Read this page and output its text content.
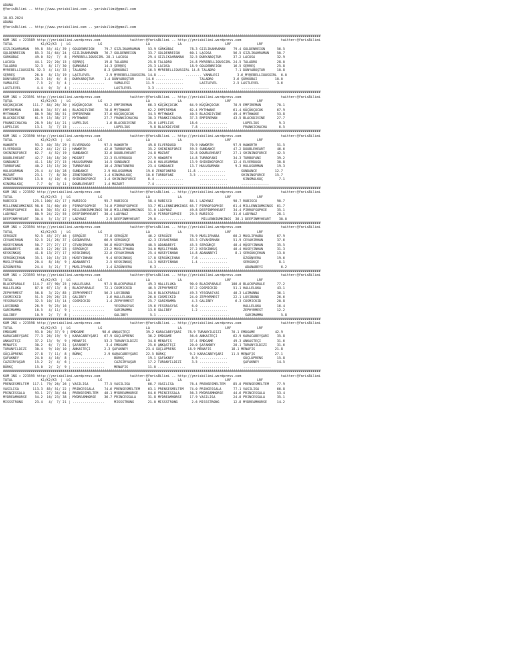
ADANA
@YarisBilimi -- http://www.yarisbilimi.com -- yarisbilimi@gmail.com
10.03.2024
ADANA
@YarisBilimi -- http://www.yarisbilimi.com -- yarisbilimi@gmail.com
################################################################################################################################################################
KUM 1NG = 223589 http://yarisbilimi.wordpress.com               twitter:@YarisBilimi -- http://yarisbilimi.wordpress.com                    twitter:@YarisBilimi
TOTAL              K1/K2/K3  |  LG              LG                      LA              LA                      LRF             LRF
GIZLIKAHRAMAN   99.8  55/ 41/ 39 | GOLDENREIGN     79.7 GIZLIKAHRAMAN    53.9 SÜRKÜBAI        78.3 GIZLIKAHRAMAN    79.4 GOLDENREIGN      56.5
GOLDENREIGN     85.3  31/ 64/ 24 | GIZLIKAHRAMAN   76.7 GOLDENREIGN      33.7 GOLDENREIGN     60.1 LACOSA           56.5 GIZLIKAHRAMAN    50.7
SÜRKÜBAI        49.0  52/  7/  8 | MYREBELLIOUSGIRL 28.1 LACOSA          29.4 GIZLIKAHRAMAN   32.5 DÜNYABOŞTUR      37.2 LACOSA           32.9
LACOSA          44.1  22/ 20/ 15 | SERREŞ          19.8 TALADRO          25.8 TALADRO         24.8 MYREBELLIOUSGIRL 24.5 TALADRO          28.0
TALADRO         32.3   8/ 17/ 30 | ŞÜRKÜBAI        14.3 SERREŞ           25.3 LACOSA          18.9 GOLDENREIGN      16.5 SERREŞ           25.8
MYREBELLIOUSGIRL 32.3  4/ 14/ 33 | TALADRO         8.3 ŞÜRKÜBAI          16.5 MYREBELLIOUSGIRL 14.8 TALADRO          7.1 DÜNYABOŞTUR      10.8
SERREŞ          26.0   8/ 13/ 19 | LASTLEVEL        2.9 MYREBELLIOUSGIRL 14.8 ....          ........ VAMALESI         3.6 MYREBELLIOUSGIRL  6.0
DÜNYABOŞTUR     20.3  16/  6/  8 | DÜNYABOŞTUR     1.4 DÜNYABOŞTUR      14.6 ..............        TALADRO          3.6 ŞÜRKÜBAI         10.0
VAMALESI         7.5   2/  5/  4 | ................     VAMALESI        11.9 ..............        LASTLEVEL        2.5 LASTLEVEL         3.6
LASTLEVEL        4.4   0/  3/  4 | ................     LASTLEVEL        3.3 ..............        ..............       ..............
################################################################################################################################################################
KUM 1NG = 223591 http://yarisbilimi.wordpress.com               twitter:@YarisBilimi -- http://yarisbilimi.wordpress.com                    twitter:@YarisBilimi
TOTAL              K1/K2/K3  |  LG              LG                      LA              LA                      LRF             LRF
KÜÇÜKÇOCUK     111.7  84/ 26/ 30 | KÜÇÜKÇOCUK      92.2 EMPIREMAN        66.3 KÜÇÜKÇOCUK      64.9 KÜÇÜKÇOCUK       70.9 EMPIREMAN        70.1
EMPIREMAN      100.6  34/ 57/ 46 | BLACKDIVINE     70.8 MYTHWAKE         62.2 EMPIREMAN       62.4 MYTHWAKE         61.4 KÜÇÜKÇOCUK       67.9
MYTHWAKE        86.9  36/ 38/ 51 | EMPIREMAN       37.6 KÜÇÜKÇOCUK       34.5 MYTHWAKE        40.5 BLACKDIVINE      49.4 MYTHWAKE         53.8
BLACKDIVINE     61.9  15/ 38/ 27 | MYTHWAKE        27.7 FRANKICHACHA     30.3 FRANKICHACHA    37.3 EMPIREMAN        43.5 BLACKDIVINE      27.7
FRANKICHACHA    28.9  16/ 14/ 21 | LUPELIUS         1.6 BLACKDIVINE      25.6 LUPELIUS        18.6 ..............        LUPELIUS          9.3
LUPELIUS        13.1   3/  7/ 15 | ................     LUPELIUS          9.8 BLACKDIVINE      7.8 ..............        FRANKICHACHA      6.5
################################################################################################################################################################
KUM 1NG = 223590 http://yarisbilimi.wordpress.com               twitter:@YarisBilimi -- http://yarisbilimi.wordpress.com                    twitter:@YarisBilimi
TOTAL              K1/K2/K3  |  LG              LG                      LA              LA                      LRF             LRF
HAWORTH         93.3  40/ 35/ 29 | ELVERDUGO       97.5 HAWORTH          49.8 ELVERDUGO       70.9 HAWORTH          97.9 HAWORTH          51.5
ELVERDUGO       82.2  44/ 12/ 12 | HAWORTH         42.0 TURBOFANI        35.2 SHININGFORCE    59.5 SUNDANCE         47.2 DOUBLEHEART      46.6
SHININGFORCE    62.7   4/ 52/ 19 | SUNDANCE        32.6 DOUBLEHEART      24.8 MOZART          32.8 DOUBLEHEART      27.1 SHININGFORCE     42.5
DOUBLEHEART     42.7  16/ 18/ 20 | MOZART          22.3 ELVERDUGO        27.9 HAWORTH         14.8 TURBOFANI        34.3 TURBOFANI        39.2
SUNDANCE        41.1  18/ 27/ 15 | HULUSURMAN      14.5 SUNDANCE         24.6 HULUSURMAN      13.9 SHININGFORCE     12.4 ELVERDUGO        30.8
TURBOFANI       40.2  15/ 15/ 20 | TURBOFANI       10.4 ZENOTONERO       23.4 SUNDANCE        13.7 HULUSURMAN        9.3 HULUSURMAN       19.3
HULUSURMAN      25.4   4/ 10/ 28 | SUNDANCE        2.9 HULUSURMAN       19.6 ZENOTONERO      11.8 ..............        SUNDANCE         12.7
MOZART          23.1   7/  8/ 30 | ZENOTONERO      1.4 KINGMALKOÇ       10.6 TURBOFANI        3.5 ..............        SHININGFORCE     15.7
ZENOTONERO      13.0   4/ 10/  6 | SHININGFORCE    1.4 SHININGFORCE      6.4 ..............        ..............        KINGMALKOÇ        7.1
KINGMALKOÇ       7.7   0/  3/ 11 | DOUBLEHEART     1.4 MOZART            7.4 ..............        ..............       ..............
################################################################################################################################################################
KUM 1NG = 223592 http://yarisbilimi.wordpress.com               twitter:@YarisBilimi -- http://yarisbilimi.wordpress.com                    twitter:@YarisBilimi
TOTAL              K1/K2/K3  |  LG              LG                      LA              LA                      LRF             LRF
RUBISCO        125.1 100/ 42/ 17 | RUBISCO         95.7 RUBISCO          58.4 RUBISCO         84.1 LADYNAZ          90.7 RUBISCO          90.7
MILLENNIUMKINGS 98.6  31/ 60/ 49 | PIRROFSOPHIE    74.0 PIRROFSOPHIE     53.7 MILLENNIUMKINGS 65.7 PIRROFSOPHIE     61.4 MILLENNIUMKINGS  61.7
PIRROFSOPHIE    84.6  30/ 53/ 42 | MILLENNIUMKINGS 50.8 MILLENNIUMKINGS  51.0 LADYNAZ         49.8 DEEPINMYHEART    34.4 PIRROFSOPHIE     35.1
LADYNAZ         80.9  24/ 22/ 55 | DEEPINMYHEART   30.4 LADYNAZ          37.0 PIRROFSOPHIE    29.5 RUBISCO          31.6 LADYNAZ          28.1
DEEPINMYHEART   30.4   5/ 13/ 27 | LADYNAZ          2.9 DEEPINMYHEART    29.0 ..............        MILLENNIUMKINGS  30.1 DEEPINMYHEART    30.0
################################################################################################################################################################
KUM 1NG = 223594 http://yarisbilimi.wordpress.com               twitter:@YarisBilimi -- http://yarisbilimi.wordpress.com                    twitter:@YarisBilimi
TOTAL              K1/K2/K3  |  LG              LG                      LA              LA                      LRF             LRF
SERGÜZE         92.5  45/ 27/ 46 | SERGÜZE         77.8 SERGÜZE          46.2 SERGÜZE         76.9 MUSLIFHABA       60.2 MUSLIFHABA       67.9
CEVAHIRHAN      52.5  21/ 26/ 37 | ÖZGÜNVERA       66.9 SERGÜKÇE         42.3 CEVAHIRHAN      53.3 CEVAHIRHAN       51.9 CEVAHIRHAN       37.6
HÜSEYINHAN      50.7  27/ 27/ 17 | CEVAHIRHAN      56.8 HÜSEYINHAN       40.5 ADANABEYI       45.5 SERGÜKÇE         40.4 HÜSEYINHAN       35.5
ADANABEYI       46.3  12/ 26/ 23 | SERGÜKÇE        23.2 MUSLIFHABA       34.0 MUSLIFHABA      27.2 KESKINKUŞ        40.4 HÜSEYINHAN       31.3
KESKINKUŞ       41.8  13/ 27/ 17 | KESKINKUŞ       22.0 CEVAHIRHAN       25.4 HÜSEYINHAN      14.8 ADANABEYI         8.1 SERGÜKÇEHAN      13.0
SERGÜKÇEHAN     35.1  10/ 15/ 23 | HÜSEYINHAN       9.4 KESKINKUŞ        17.0 SERGÜKÇEHAN      7.6 ..............        ÖZGÜNVERA        19.6
MUSLIFHABA      20.4   8/ 16/  9 | ADANABEYI        2.5 KESKINKUŞ        14.3 HÜSEYINHAN       1.4 ..............        SERGÜKÇE          8.1
ÖZGÜNVERA       24.4   5/ 21/  7 | MUSLIFHABA       1.4 ÖZGÜNVERA         6.3 ..............        ..............        ADANABEYI         6.2
################################################################################################################################################################
KUM 1NG = 223593 http://yarisbilimi.wordpress.com               twitter:@YarisBilimi -- http://yarisbilimi.wordpress.com                    twitter:@YarisBilimi
TOTAL              K1/K2/K3  |  LG              LG                      LA              LA                      LRF             LRF
BLACKPARALE    114.7  47/ 90/ 25 | HALLELUKA       97.5 BLACKPARALE      49.3 HALLELUKA       90.0 BLACKPARALE     100.0 BLACKPARALE      77.2
HALLELUKA       87.0  67/ 13/  8 | BLACKPARALE     72.1 COSMICKID        46.5 ZEPHYRMEST      57.2 COSMICKID        51.1 HALLELUKA        43.1
ZEPHYRMEST      56.8   3/ 22/ 85 | ZEPHYRMEST      56.3 LOVIBOND         34.6 BLACKPARALE     49.3 YESGRASYAS       40.3 LAIMANNA         36.1
COSMICKID       51.5  29/ 26/ 23 | GALIBEY          1.6 HALLELUKA        26.0 COSMICKID       24.0 ZEPHYRMEST       22.1 LOVIBOND         26.6
YESGRASYAS      32.5  10/ 15/ 14 | COSMICKID        1.4 ZEPHYRMEST       25.7 SARIMAMMA        4.3 GALIBEY           6.3 COSMICKID        20.8
LOVIBOND        26.9   9/ 25/ 16 | ................     YESGRASYAS       19.6 YESGRASYAS       6.0 ..............        HALLELUKA        16.4
SARIMAMMA       16.5   4/ 11/  9 | ................     SARIMAMMA        13.6 GALIBEY          1.2 ..............        ZEPHYRMEST       12.2
GALIBEY         10.9   2/  7/  8 | ................     GALIBEY           5.1 ..............        ..............        SARIMAMMA         5.8
################################################################################################################################################################
KUM 2NG = 223598 http://yarisbilimi.wordpress.com               twitter:@YarisBilimi -- http://yarisbilimi.wordpress.com                    twitter:@YarisBilimi
TOTAL              K1/K2/K3  |  LG              LG                      LA              LA                      LRF             LRF
EMDGAME         93.0  26/ 37/ 9 | EMDGAME         98.6 ANKASTEÇI        39.2 KARACABEYŞARI   78.9 TURANYILDIZI     70.1 EMDGAME          42.9
KARACABEYŞARI   77.3  26/ 19/  9 | KARACABEYŞARI   67.9 GÜÇLÜPRENS       36.2 EMDGAME         56.6 ANKASTEÇI        62.9 KARACABEYŞARI    35.8
ANKASTEÇI       37.2  13/  9/  9 | MENAFIS         53.3 TURANYILDIZI     34.8 MENAFIS         37.4 EMDGAME          49.3 ANKASTEÇI        31.6
MENAFIS         30.2   6/  7/ 31 | ŞAFAKNEY         3.4 EMDGAME          25.6 ANKASTEÇI       20.0 ŞAFAKNEY         20.1 TURANYILDIZI     31.6
TURANYILDIZI    30.4   9/ 10/ 10 | ANKASTEÇI       2.3 ŞAFAKNEY         23.4 GÜÇLÜPRENS      18.9 MENAFIS          18.1 MENAFIS          21.8
GÜÇLÜPRENS      27.8   7/ 11/  8 | BÜRKÇ           2.9 KARACABEYŞARI    22.5 BÜRKÇ            9.2 KARACABEYŞARI    11.5 MENAFIS          27.1
ŞAFAKNEY        24.0   4/ 16/  8 | ................     BÜRKÇ            19.1 ŞAFAKNEY         8.9 ..............        GÜÇLÜPRENS       15.8
CAZGIRYAŞAR     15.2   2/  4/  6 | ................     CAZGIRYAŞAR      17.2 TURANYILDIZI     3.5 ..............        ŞAFAKNEY         14.5
BÜRKÇ           15.0   2/  2/  9 | ................     MENAFIS          11.0 ..............        ..............       ..............
################################################################################################################################################################
KUM 1NG = 223595 http://yarisbilimi.wordpress.com               twitter:@YarisBilimi -- http://yarisbilimi.wordpress.com                    twitter:@YarisBilimi
TOTAL              K1/K2/K3  |  LG              LG                      LA              LA                      LRF             LRF
PRENSESMELTEM  117.1  79/ 26/ 26 | VASILISA        77.5 VASILISA         66.7 VASILISA        76.4 PRENSESMELTEM    85.0 PRENSESMELTEM    77.9
VASILISA       113.3  85/ 51/ 22 | PRINCESSALA     74.6 PRENSESMELTEM    63.1 PRENSESMELTEM   74.0 PRINCESSALA      77.1 VASILISA         66.8
PRINCESSALA     93.1  27/ 34/ 64 | PRENSESMELTEM   40.1 MYDREAMHORSE     64.6 PRINCESSALA     56.3 MYDREAMHORSE     44.6 PRINCESSALA      53.4
MYDREAMHORSE    54.2  16/ 23/ 38 | MYDREAMHORSE    36.7 PRINCESSALA      31.8 MYDREAMHORSE    17.9 VASILISA         24.0 PRINCESSALA      35.1
MISSSTRONG      23.4   4/  7/ 21 | ................     MISSSTRONG       21.0 MISSSTRONG       2.6 MISSSTRONG       12.8 MYDREAMHORSE     14.2
